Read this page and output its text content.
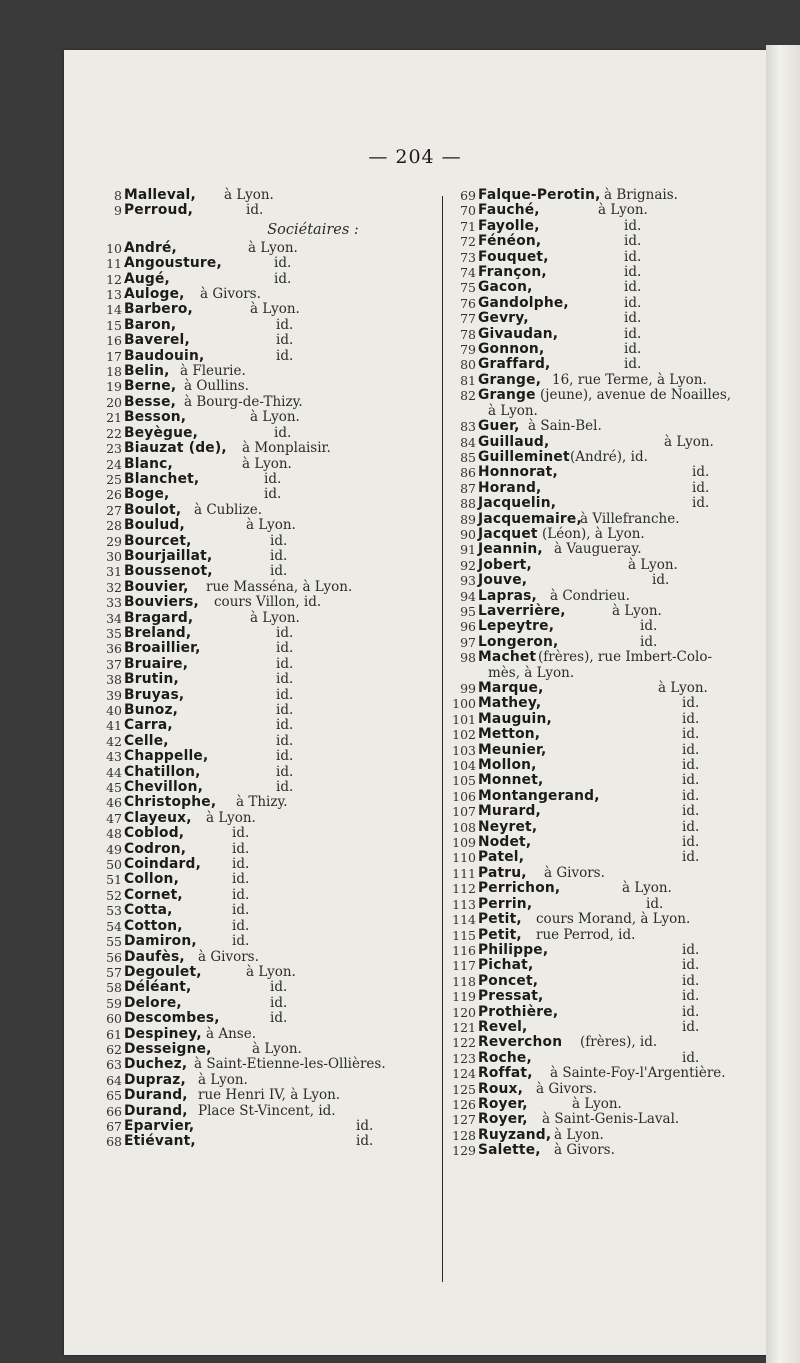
— 204 —
8 Malleval, à Lyon.
9 Perroud,	id.
Sociétaires :
10 André,	à Lyon.
11 Angousture,	id.
12 Augé,	id.
13 Auloge, à Givors.
14 Barbero,	à Lyon.
15 Baron,	id.
16 Baverel,	id.
17 Baudouin,	id.
18 Belin, à Fleurie.
19 Berne, à Oullins.
20 Besse, à Bourg-de-Thizy.
21 Besson,	à Lyon.
22 Beyègue,	id.
23 Biauzat (de), à Monplaisir.
24 Blanc,	à Lyon.
25 Blanchet,	id.
26 Boge,	id.
27 Boulot, à Cublize.
28 Boulud,	à Lyon.
29 Bourcet,	id.
30 Bourjaillat,	id.
31 Boussenot,	id.
32 Bouvier, rue Masséna, à Lyon.
33 Bouviers, cours Villon, id.
34 Bragard,	à Lyon.
35 Breland,	id.
36 Broaillier,	id.
37 Bruaire,	id.
38 Brutin,	id.
39 Bruyas,	id.
40 Bunoz,	id.
41 Carra,	id.
42 Celle,	id.
43 Chappelle,	id.
44 Chatillon,	id.
45 Chevillon,	id.
46 Christophe, à Thizy.
47 Clayeux, à Lyon.
48 Coblod,	id.
49 Codron,	id.
50 Coindard, id.
51 Collon,	id.
52 Cornet,	id.
53 Cotta,	id.
54 Cotton,	id.
55 Damiron,	id.
56 Daufès, à Givors.
57 Degoulet,	à Lyon.
58 Déléant,	id.
59 Delore,	id.
60 Descombes,	id.
61 Despiney, à Anse.
62 Desseigne,	à Lyon.
63 Duchez, à Saint-Etienne-les-Ollières.
64 Dupraz, à Lyon.
65 Durand, rue Henri IV, à Lyon.
66 Durand, Place St-Vincent, id.
67 Eparvier,	id.
68 Etiévant,	id.
69 Falque-Perotin, à Brignais.
70 Fauché,	à Lyon.
71 Fayolle,	id.
72 Fénéon,	id.
73 Fouquet,	id.
74 Françon,	id.
75 Gacon,	id.
76 Gandolphe,	id.
77 Gevry,	id.
78 Givaudan,	id.
79 Gonnon,	id.
80 Graffard,	id.
81 Grange, 16, rue Terme, à Lyon.
82 Grange (jeune), avenue de Noailles,
à Lyon.
83 Guer, à Sain-Bel.
84 Guillaud,	à Lyon.
85 Guilleminet (André), id.
86 Honnorat,	id.
87 Horand,	id.
88 Jacquelin,	id.
89 Jacquemaire,
à Villefranche.
90 Jacquet (Léon), à Lyon.
91 Jeannin, à Vaugueray.
92 Jobert,	à Lyon.
93 Jouve,	id.
94 Lapras, à Condrieu.
95 Laverrière,	à Lyon.
96 Lepeytre,	id.
97 Longeron,	id.
98 Machet (frères), rue Imbert-Colo-
mès, à Lyon.
99 Marque,	à Lyon.
100 Mathey,	id.
101 Mauguin,	id.
102 Metton,	id.
103 Meunier,	id.
104 Mollon,	id.
105 Monnet,	id.
106 Montangerand,	id.
107 Murard,	id.
108 Neyret,	id.
109 Nodet,	id.
110 Patel,	id.
111 Patru, à Givors.
112 Perrichon,	à Lyon.
113 Perrin,	id.
114 Petit, cours Morand, à Lyon.
115 Petit, rue Perrod, id.
116 Philippe,	id.
117 Pichat,	id.
118 Poncet,	id.
119 Pressat,	id.
120 Prothière,	id.
121 Revel,	id.
122 Reverchon (frères), id.
123 Roche,	id.
124 Roffat, à Sainte-Foy-l'Argentière.
125 Roux, à Givors.
126 Royer,	à Lyon.
127 Royer, à Saint-Genis-Laval.
128 Ruyzand, à Lyon.
129 Salette, à Givors.
